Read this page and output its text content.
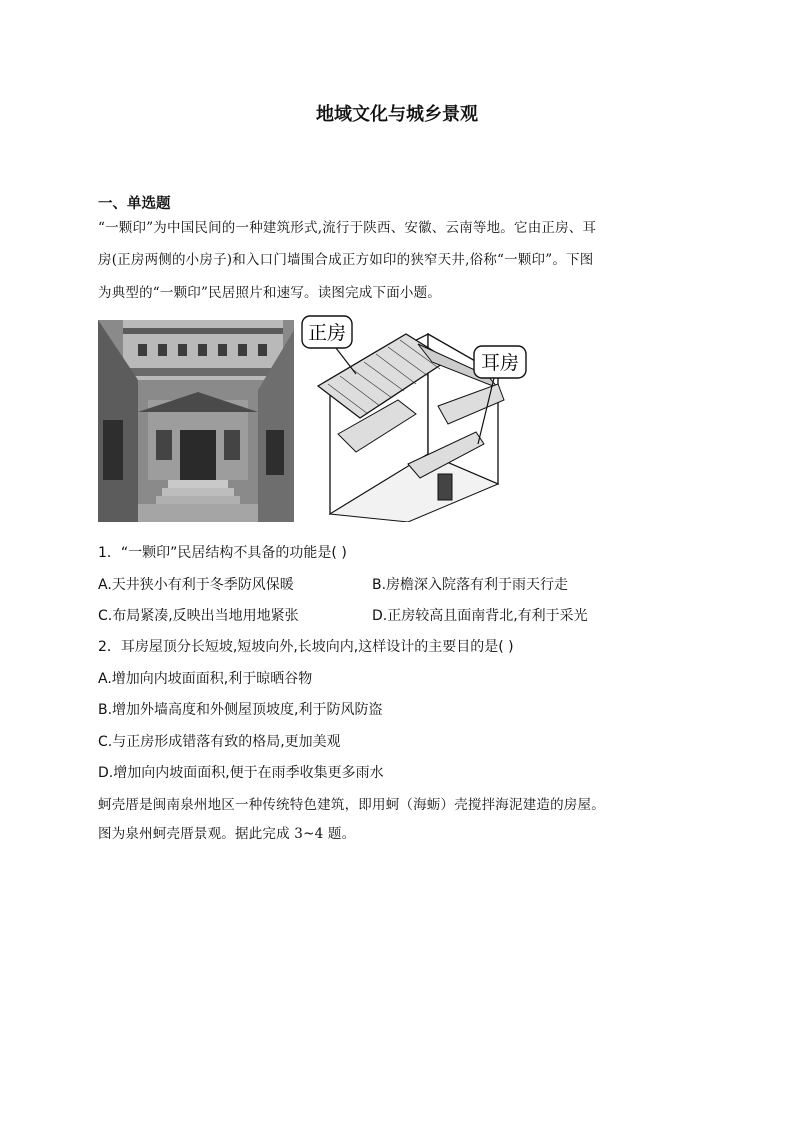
地域文化与城乡景观
一、单选题
“一颗印”为中国民间的一种建筑形式,流行于陕西、安徽、云南等地。它由正房、耳
房(正房两侧的小房子)和入口门墙围合成正方如印的狭窄天井,俗称“一颗印”。下图
为典型的“一颗印”民居照片和速写。读图完成下面小题。
正房
耳房
1．“一颗印”民居结构不具备的功能是( )
A.天井狭小有利于冬季防风保暖	B.房檐深入院落有利于雨天行走
C.布局紧凑,反映出当地用地紧张	D.正房较高且面南背北,有利于采光
2．耳房屋顶分长短坡,短坡向外,长坡向内,这样设计的主要目的是( )
A.增加向内坡面面积,利于晾晒谷物
B.增加外墙高度和外侧屋顶坡度,利于防风防盗
C.与正房形成错落有致的格局,更加美观
D.增加向内坡面面积,便于在雨季收集更多雨水
蚵壳厝是闽南泉州地区一种传统特色建筑，即用蚵（海蛎）壳搅拌海泥建造的房屋。
图为泉州蚵壳厝景观。据此完成 3~4 题。
